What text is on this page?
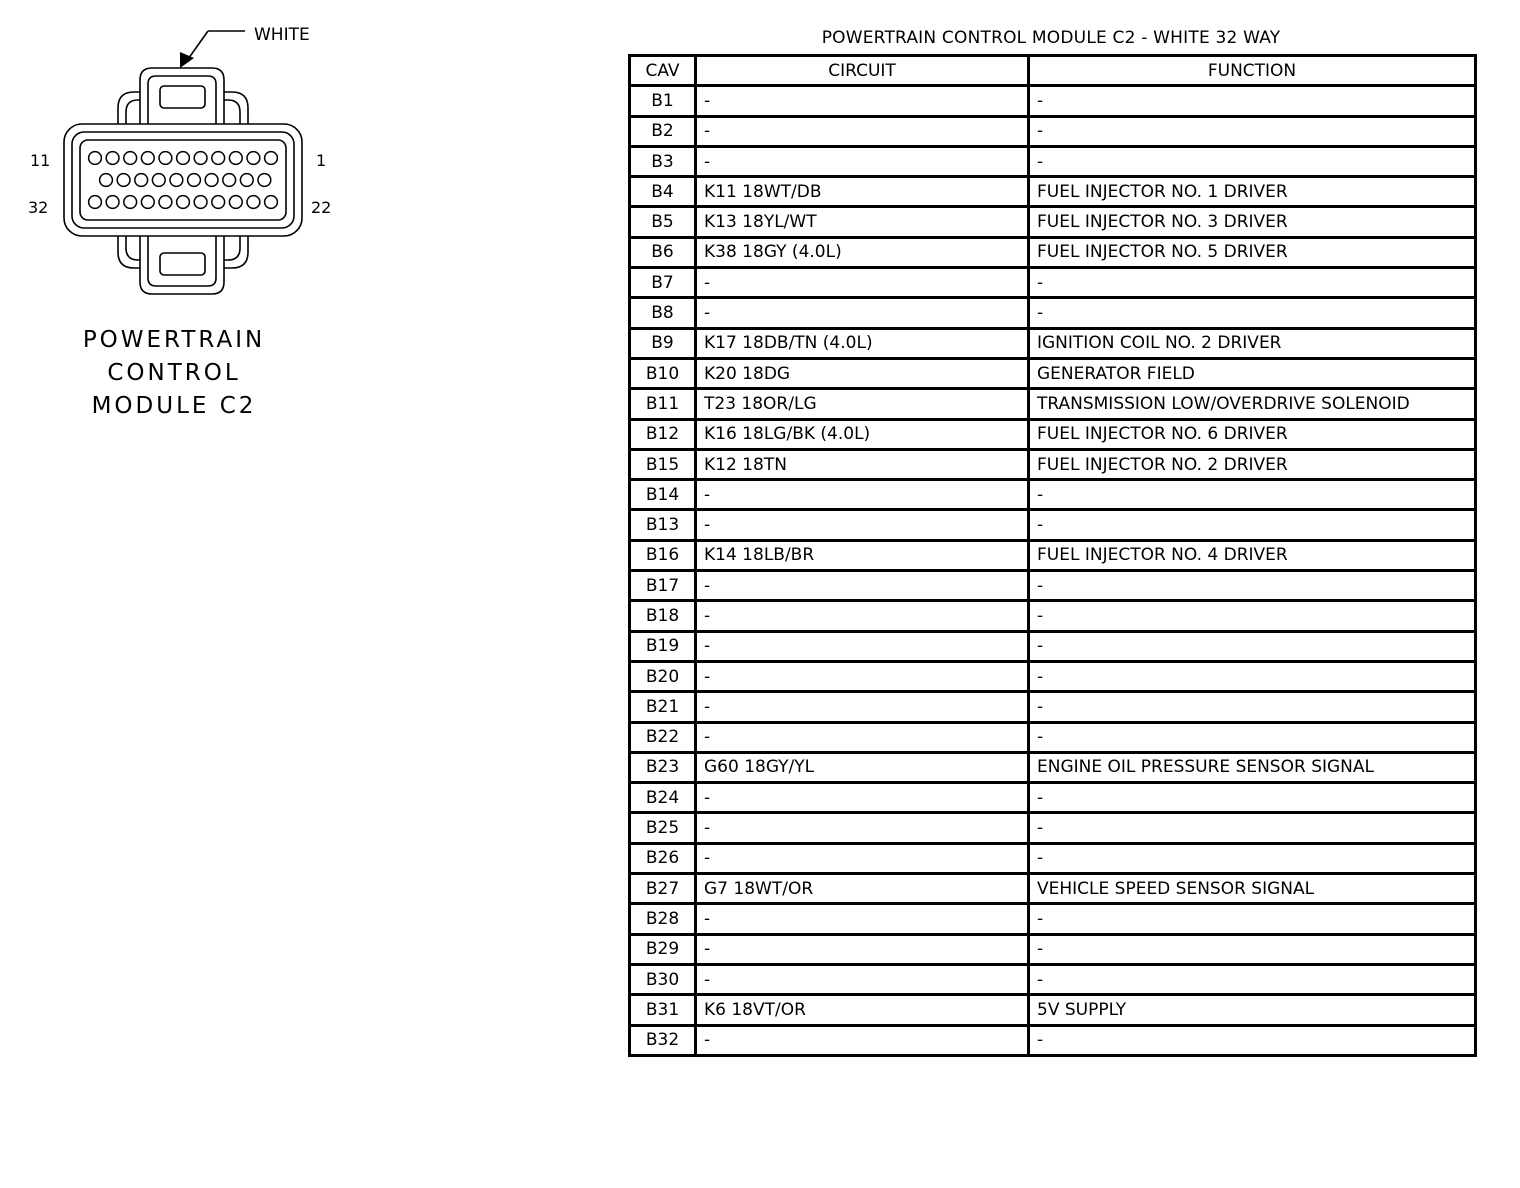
WHITE
11	1
32	22
POWERTRAIN
CONTROL
MODULE C2
POWERTRAIN CONTROL MODULE C2 - WHITE 32 WAY
CAV	CIRCUIT	FUNCTION
B1	-	-
B2	-	-
B3	-	-
B4	K11 18WT/DB	FUEL INJECTOR NO. 1 DRIVER
B5	K13 18YL/WT	FUEL INJECTOR NO. 3 DRIVER
B6	K38 18GY (4.0L)	FUEL INJECTOR NO. 5 DRIVER
B7	-	-
B8	-	-
B9	K17 18DB/TN (4.0L)	IGNITION COIL NO. 2 DRIVER
B10	K20 18DG	GENERATOR FIELD
B11	T23 18OR/LG	TRANSMISSION LOW/OVERDRIVE SOLENOID
B12	K16 18LG/BK (4.0L)	FUEL INJECTOR NO. 6 DRIVER
B15	K12 18TN	FUEL INJECTOR NO. 2 DRIVER
B14	-	-
B13	-	-
B16	K14 18LB/BR	FUEL INJECTOR NO. 4 DRIVER
B17	-	-
B18	-	-
B19	-	-
B20	-	-
B21	-	-
B22	-	-
B23	G60 18GY/YL	ENGINE OIL PRESSURE SENSOR SIGNAL
B24	-	-
B25	-	-
B26	-	-
B27	G7 18WT/OR	VEHICLE SPEED SENSOR SIGNAL
B28	-	-
B29	-	-
B30	-	-
B31	K6 18VT/OR	5V SUPPLY
B32	-	-
